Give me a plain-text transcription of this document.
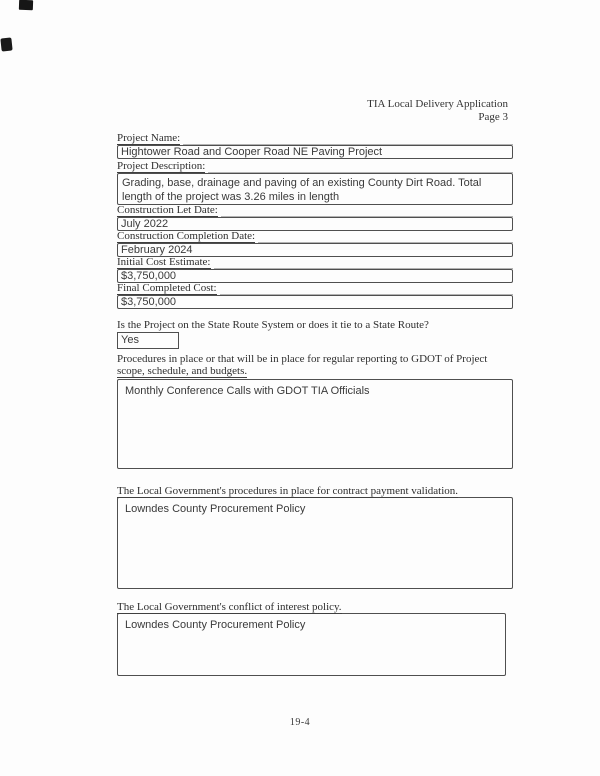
TIA Local Delivery Application
Page 3
Project Name:
Hightower Road and Cooper Road NE Paving Project
Project Description:
Grading, base, drainage and paving of an existing County Dirt Road. Total length of the project was 3.26 miles in length
Construction Let Date:
July 2022
Construction Completion Date:
February 2024
Initial Cost Estimate:
$3,750,000
Final Completed Cost:
$3,750,000
Is the Project on the State Route System or does it tie to a State Route?
Yes
Procedures in place or that will be in place for regular reporting to GDOT of Project
scope, schedule, and budgets.
Monthly Conference Calls with GDOT TIA Officials
The Local Government's procedures in place for contract payment validation.
Lowndes County Procurement Policy
The Local Government's conflict of interest policy.
Lowndes County Procurement Policy
19-4
